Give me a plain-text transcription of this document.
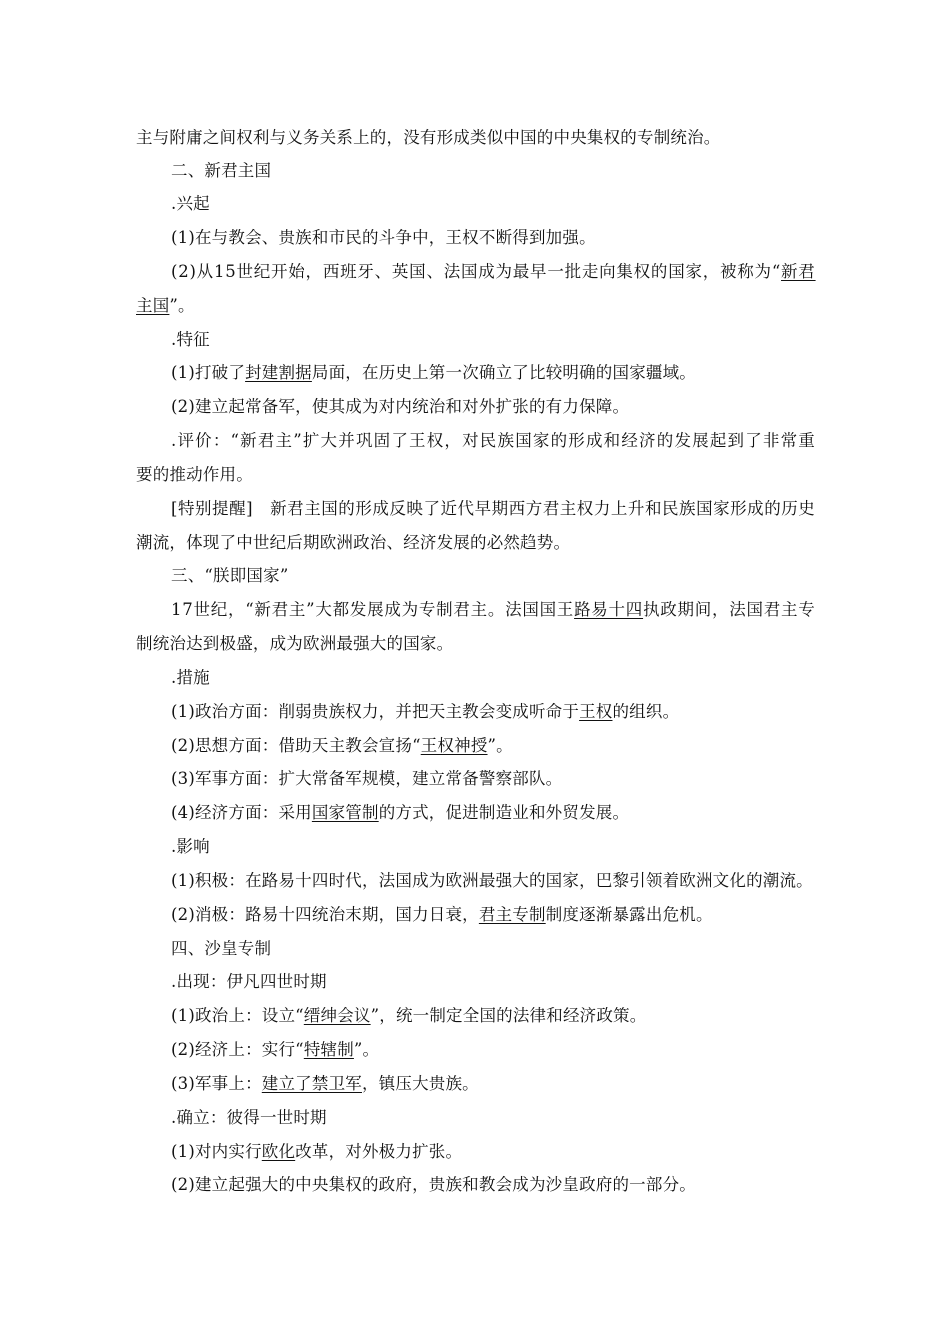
主与附庸之间权利与义务关系上的，没有形成类似中国的中央集权的专制统治。
二、新君主国
.兴起
(1)在与教会、贵族和市民的斗争中，王权不断得到加强。
(2)从15世纪开始，西班牙、英国、法国成为最早一批走向集权的国家，被称为“新君
主国”。
.特征
(1)打破了封建割据局面，在历史上第一次确立了比较明确的国家疆域。
(2)建立起常备军，使其成为对内统治和对外扩张的有力保障。
.评价：“新君主”扩大并巩固了王权，对民族国家的形成和经济的发展起到了非常重
要的推动作用。
[特别提醒]　新君主国的形成反映了近代早期西方君主权力上升和民族国家形成的历史
潮流，体现了中世纪后期欧洲政治、经济发展的必然趋势。
三、“朕即国家”
17世纪，“新君主”大都发展成为专制君主。法国国王路易十四执政期间，法国君主专
制统治达到极盛，成为欧洲最强大的国家。
.措施
(1)政治方面：削弱贵族权力，并把天主教会变成听命于王权的组织。
(2)思想方面：借助天主教会宣扬“王权神授”。
(3)军事方面：扩大常备军规模，建立常备警察部队。
(4)经济方面：采用国家管制的方式，促进制造业和外贸发展。
.影响
(1)积极：在路易十四时代，法国成为欧洲最强大的国家，巴黎引领着欧洲文化的潮流。
(2)消极：路易十四统治末期，国力日衰，君主专制制度逐渐暴露出危机。
四、沙皇专制
.出现：伊凡四世时期
(1)政治上：设立“缙绅会议”，统一制定全国的法律和经济政策。
(2)经济上：实行“特辖制”。
(3)军事上：建立了禁卫军，镇压大贵族。
.确立：彼得一世时期
(1)对内实行欧化改革，对外极力扩张。
(2)建立起强大的中央集权的政府，贵族和教会成为沙皇政府的一部分。
